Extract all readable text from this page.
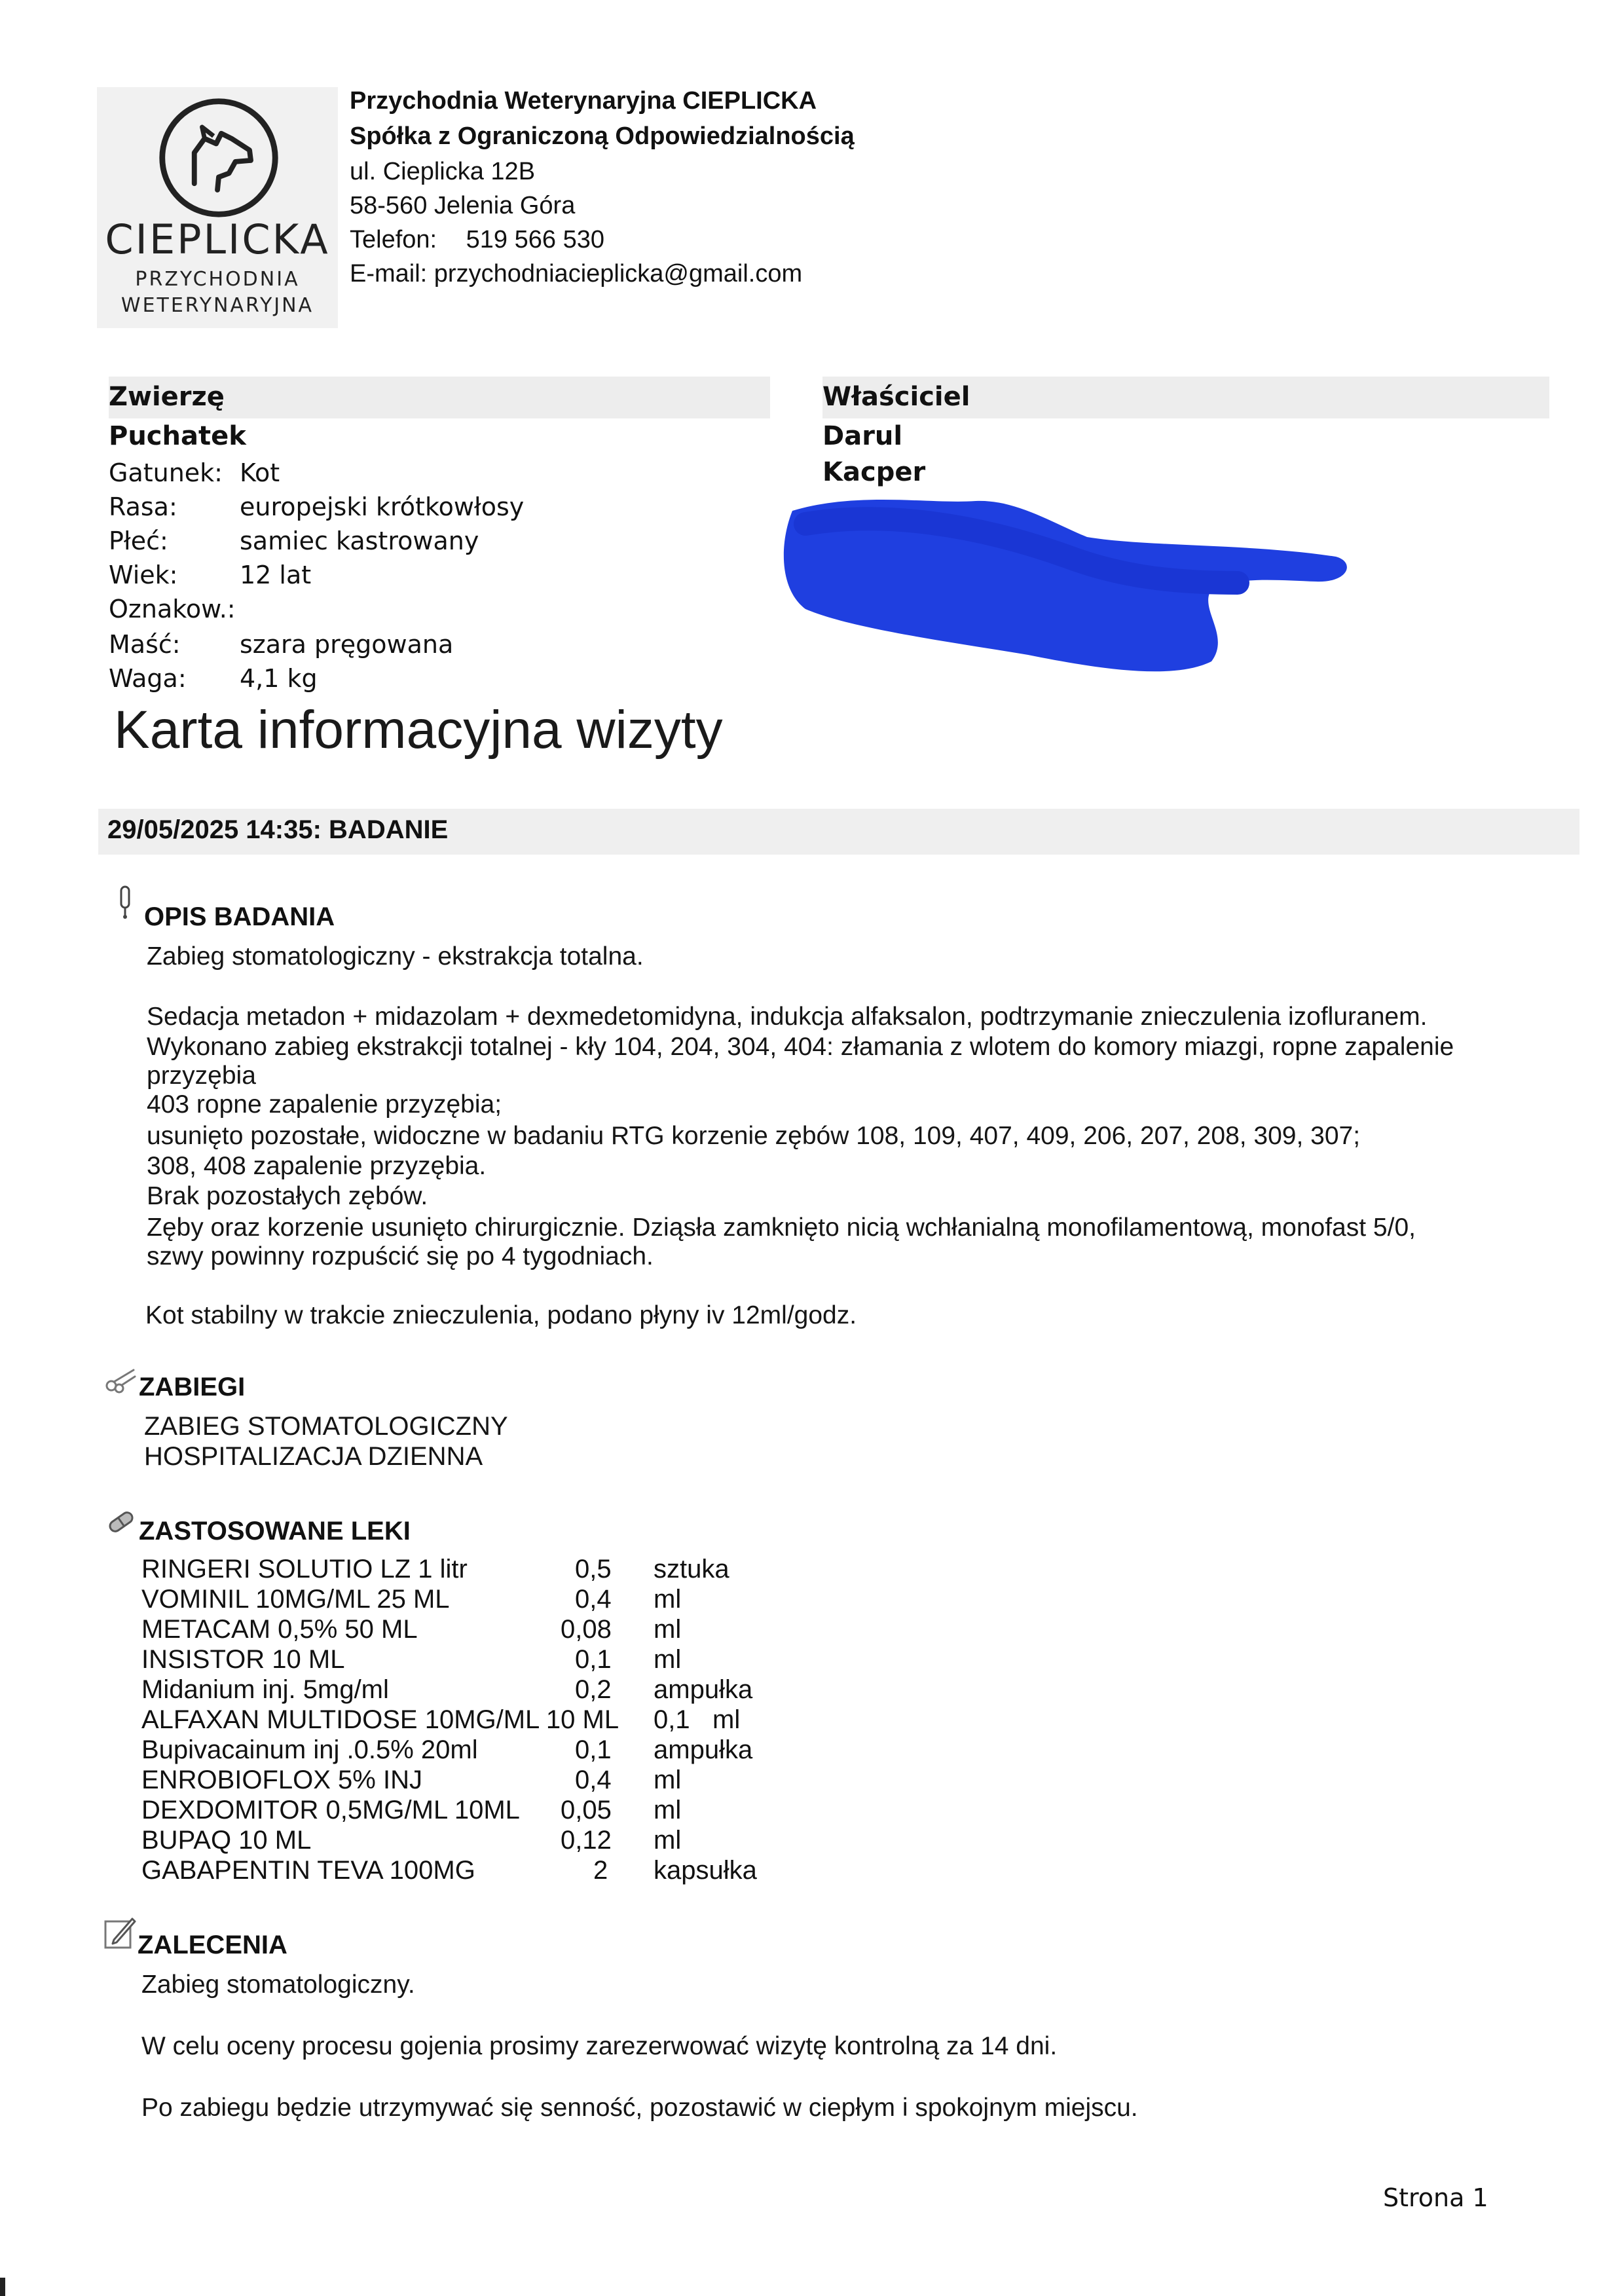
CIEPLICKA
PRZYCHODNIA
WETERYNARYJNA
Przychodnia Weterynaryjna CIEPLICKA
Spółka z Ograniczoną Odpowiedzialnością
ul. Cieplicka 12B
58-560 Jelenia Góra
Telefon: 519 566 530
E-mail: przychodniacieplicka@gmail.com
Zwierzę
Puchatek
Gatunek: Kot
Rasa:	europejski krótkowłosy
Płeć:	samiec kastrowany
Wiek: 12 lat
Oznakow.:
Maść: szara pręgowana
Waga: 4,1 kg
Właściciel
Darul
Kacper
Karta informacyjna wizyty
29/05/2025 14:35: BADANIE
OPIS BADANIA
Zabieg stomatologiczny - ekstrakcja totalna.
Sedacja metadon + midazolam + dexmedetomidyna, indukcja alfaksalon, podtrzymanie znieczulenia izofluranem.
Wykonano zabieg ekstrakcji totalnej - kły 104, 204, 304, 404: złamania z wlotem do komory miazgi, ropne zapalenie
przyzębia
403 ropne zapalenie przyzębia;
usunięto pozostałe, widoczne w badaniu RTG korzenie zębów 108, 109, 407, 409, 206, 207, 208, 309, 307;
308, 408 zapalenie przyzębia.
Brak pozostałych zębów.
Zęby oraz korzenie usunięto chirurgicznie. Dziąsła zamknięto nicią wchłanialną monofilamentową, monofast 5/0,
szwy powinny rozpuścić się po 4 tygodniach.
Kot stabilny w trakcie znieczulenia, podano płyny iv 12ml/godz.
ZABIEGI
ZABIEG STOMATOLOGICZNY
HOSPITALIZACJA DZIENNA
ZASTOSOWANE LEKI
RINGERI SOLUTIO LZ 1 litr	0,5 sztuka
VOMINIL 10MG/ML 25 ML	0,4 ml
METACAM 0,5% 50 ML	0,08 ml
INSISTOR 10 ML	0,1 ml
Midanium inj. 5mg/ml	0,2 ampułka
ALFAXAN MULTIDOSE 10MG/ML 10 ML 0,1 ml
Bupivacainum inj .0.5% 20ml	0,1 ampułka
ENROBIOFLOX 5% INJ	0,4 ml
DEXDOMITOR 0,5MG/ML 10ML 0,05 ml
BUPAQ 10 ML	0,12 ml
GABAPENTIN TEVA 100MG	2 kapsułka
ZALECENIA
Zabieg stomatologiczny.
W celu oceny procesu gojenia prosimy zarezerwować wizytę kontrolną za 14 dni.
Po zabiegu będzie utrzymywać się senność, pozostawić w ciepłym i spokojnym miejscu.
Strona 1
